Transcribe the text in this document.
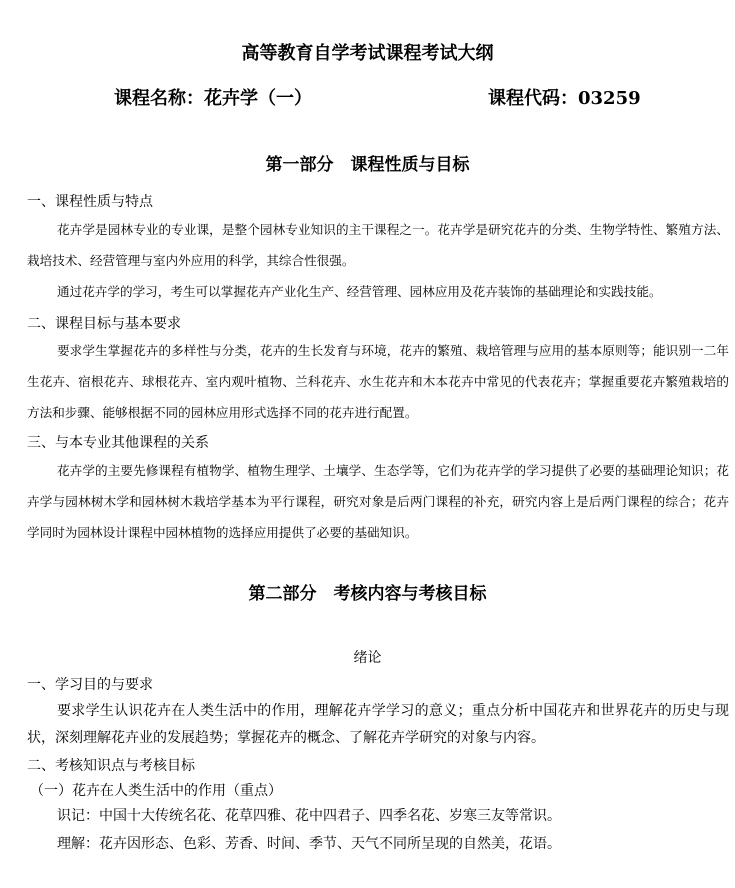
高等教育自学考试课程考试大纲
课程名称：花卉学（一）	课程代码：03259
第一部分　课程性质与目标
一、课程性质与特点
花卉学是园林专业的专业课，是整个园林专业知识的主干课程之一。花卉学是研究花卉的分类、生物学特性、繁殖方法、栽培技术、经营管理与室内外应用的科学，其综合性很强。
通过花卉学的学习，考生可以掌握花卉产业化生产、经营管理、园林应用及花卉装饰的基础理论和实践技能。
二、课程目标与基本要求
要求学生掌握花卉的多样性与分类，花卉的生长发育与环境，花卉的繁殖、栽培管理与应用的基本原则等；能识别一二年生花卉、宿根花卉、球根花卉、室内观叶植物、兰科花卉、水生花卉和木本花卉中常见的代表花卉；掌握重要花卉繁殖栽培的方法和步骤、能够根据不同的园林应用形式选择不同的花卉进行配置。
三、与本专业其他课程的关系
花卉学的主要先修课程有植物学、植物生理学、土壤学、生态学等，它们为花卉学的学习提供了必要的基础理论知识；花卉学与园林树木学和园林树木栽培学基本为平行课程，研究对象是后两门课程的补充，研究内容上是后两门课程的综合；花卉学同时为园林设计课程中园林植物的选择应用提供了必要的基础知识。
第二部分　考核内容与考核目标
绪论
一、学习目的与要求
要求学生认识花卉在人类生活中的作用，理解花卉学学习的意义；重点分析中国花卉和世界花卉的历史与现状，深刻理解花卉业的发展趋势；掌握花卉的概念、了解花卉学研究的对象与内容。
二、考核知识点与考核目标
（一）花卉在人类生活中的作用（重点）
识记：中国十大传统名花、花草四雅、花中四君子、四季名花、岁寒三友等常识。
理解：花卉因形态、色彩、芳香、时间、季节、天气不同所呈现的自然美，花语。
